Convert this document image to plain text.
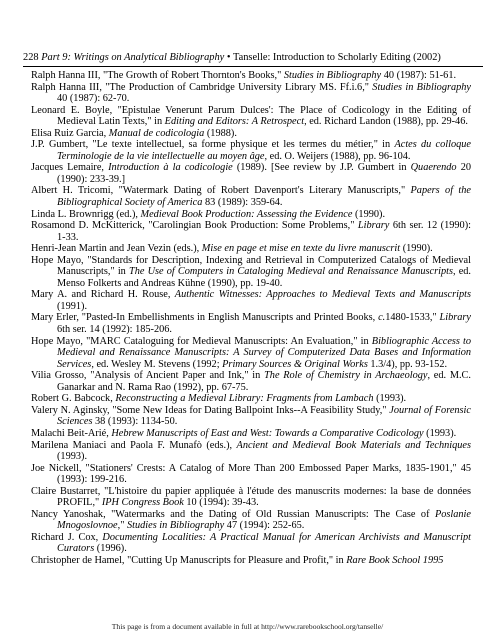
228 Part 9: Writings on Analytical Bibliography • Tanselle: Introduction to Scholarly Editing (2002)

Ralph Hanna III, "The Growth of Robert Thornton's Books," Studies in Bibliography 40 (1987): 51-61.

Ralph Hanna III, "The Production of Cambridge University Library MS. Ff.i.6," Studies in Bibliography 40 (1987): 62-70.

Leonard E. Boyle, "Epistulae Venerunt Parum Dulces': The Place of Codicology in the Editing of Medieval Latin Texts," in Editing and Editors: A Retrospect, ed. Richard Landon (1988), pp. 29-46.

Elisa Ruiz Garcia, Manual de codicologia (1988).

J.P. Gumbert, "Le texte intellectuel, sa forme physique et les termes du métier," in Actes du colloque Terminologie de la vie intellectuelle au moyen âge, ed. O. Weijers (1988), pp. 96-104.

Jacques Lemaire, Introduction à la codicologie (1989). [See review by J.P. Gumbert in Quaerendo 20 (1990): 233-39.]

Albert H. Tricomi, "Watermark Dating of Robert Davenport's Literary Manuscripts," Papers of the Bibliographical Society of America 83 (1989): 359-64.

Linda L. Brownrigg (ed.), Medieval Book Production: Assessing the Evidence (1990).

Rosamond D. McKitterick, "Carolingian Book Production: Some Problems," Library 6th ser. 12 (1990): 1-33.

Henri-Jean Martin and Jean Vezin (eds.), Mise en page et mise en texte du livre manuscrit (1990).

Hope Mayo, "Standards for Description, Indexing and Retrieval in Computerized Catalogs of Medieval Manuscripts," in The Use of Computers in Cataloging Medieval and Renaissance Manuscripts, ed. Menso Folkerts and Andreas Kühne (1990), pp. 19-40.

Mary A. and Richard H. Rouse, Authentic Witnesses: Approaches to Medieval Texts and Manuscripts (1991).

Mary Erler, "Pasted-In Embellishments in English Manuscripts and Printed Books, c.1480-1533," Library 6th ser. 14 (1992): 185-206.

Hope Mayo, "MARC Cataloguing for Medieval Manuscripts: An Evaluation," in Bibliographic Access to Medieval and Renaissance Manuscripts: A Survey of Computerized Data Bases and Information Services, ed. Wesley M. Stevens (1992; Primary Sources & Original Works 1.3/4), pp. 93-152.

Vilia Grosso, "Analysis of Ancient Paper and Ink," in The Role of Chemistry in Archaeology, ed. M.C. Ganarkar and N. Rama Rao (1992), pp. 67-75.

Robert G. Babcock, Reconstructing a Medieval Library: Fragments from Lambach (1993).

Valery N. Aginsky, "Some New Ideas for Dating Ballpoint Inks--A Feasibility Study," Journal of Forensic Sciences 38 (1993): 1134-50.

Malachi Beit-Arié, Hebrew Manuscripts of East and West: Towards a Comparative Codicology (1993).

Marilena Maniaci and Paola F. Munafò (eds.), Ancient and Medieval Book Materials and Techniques (1993).

Joe Nickell, "Stationers' Crests: A Catalog of More Than 200 Embossed Paper Marks, 1835-1901," 45 (1993): 199-216.

Claire Bustarret, "L'histoire du papier appliquée à l'étude des manuscrits modernes: la base de données PROFIL," IPH Congress Book 10 (1994): 39-43.

Nancy Yanoshak, "Watermarks and the Dating of Old Russian Manuscripts: The Case of Poslanie Mnogoslovnoe," Studies in Bibliography 47 (1994): 252-65.

Richard J. Cox, Documenting Localities: A Practical Manual for American Archivists and Manuscript Curators (1996).

Christopher de Hamel, "Cutting Up Manuscripts for Pleasure and Profit," in Rare Book School 1995

This page is from a document available in full at http://www.rarebookschool.org/tanselle/
